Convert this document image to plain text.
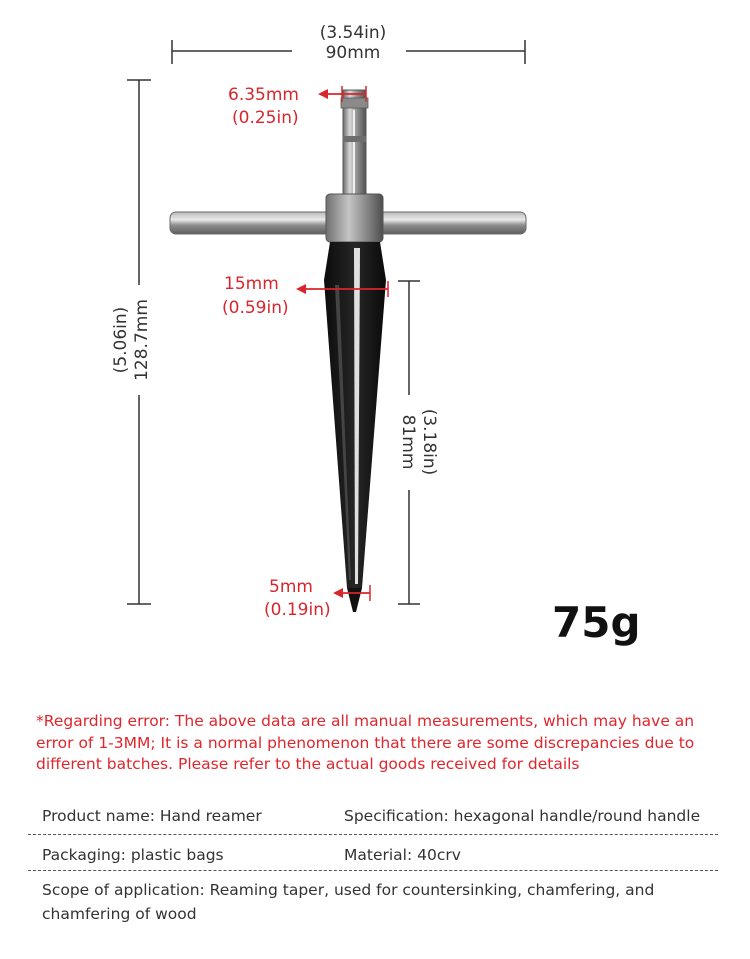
(3.54in)
90mm
(5.06in) 128.7mm
(3.18in)
81mm
6.35mm
(0.25in)
15mm
(0.59in)
5mm
(0.19in)	75g

*Regarding error: The above data are all manual measurements, which may have an error of 1-3MM; It is a normal phenomenon that there are some discrepancies due to different batches. Please refer to the actual goods received for details

Product name: Hand reamer	Specification: hexagonal handle/round handle

Packaging: plastic bags	Material: 40crv

Scope of application: Reaming taper, used for countersinking, chamfering, and chamfering of wood
